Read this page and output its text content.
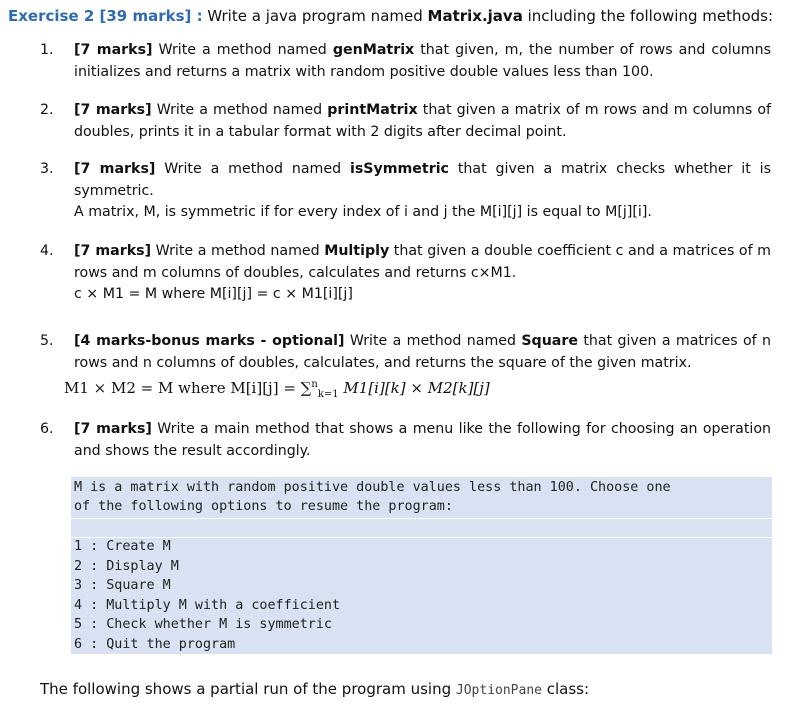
Exercise 2 [39 marks] : Write a java program named Matrix.java including the following methods:
1.	[7 marks] Write a method named genMatrix that given, m, the number of rows and columns initializes and returns a matrix with random positive double values less than 100.
2.	[7 marks] Write a method named printMatrix that given a matrix of m rows and m columns of doubles, prints it in a tabular format with 2 digits after decimal point.
3.	[7 marks] Write a method named isSymmetric that given a matrix checks whether it is symmetric.
A matrix, M, is symmetric if for every index of i and j the M[i][j] is equal to M[j][i].
4.	[7 marks] Write a method named Multiply that given a double coefficient c and a matrices of m rows and m columns of doubles, calculates and returns c×M1.
c × M1 = M where M[i][j] = c × M1[i][j]
5.	[4 marks-bonus marks - optional] Write a method named Square that given a matrices of n rows and n columns of doubles, calculates, and returns the square of the given matrix.
M1 × M2 = M where M[i][j] = ∑$^n_{k=1}$ M1[i][k] × M2[k][j]
6.	[7 marks] Write a main method that shows a menu like the following for choosing an operation and shows the result accordingly.
M is a matrix with random positive double values less than 100. Choose one
of the following options to resume the program:
1 : Create M
2 : Display M
3 : Square M
4 : Multiply M with a coefficient
5 : Check whether M is symmetric
6 : Quit the program
The following shows a partial run of the program using JOptionPane class:
